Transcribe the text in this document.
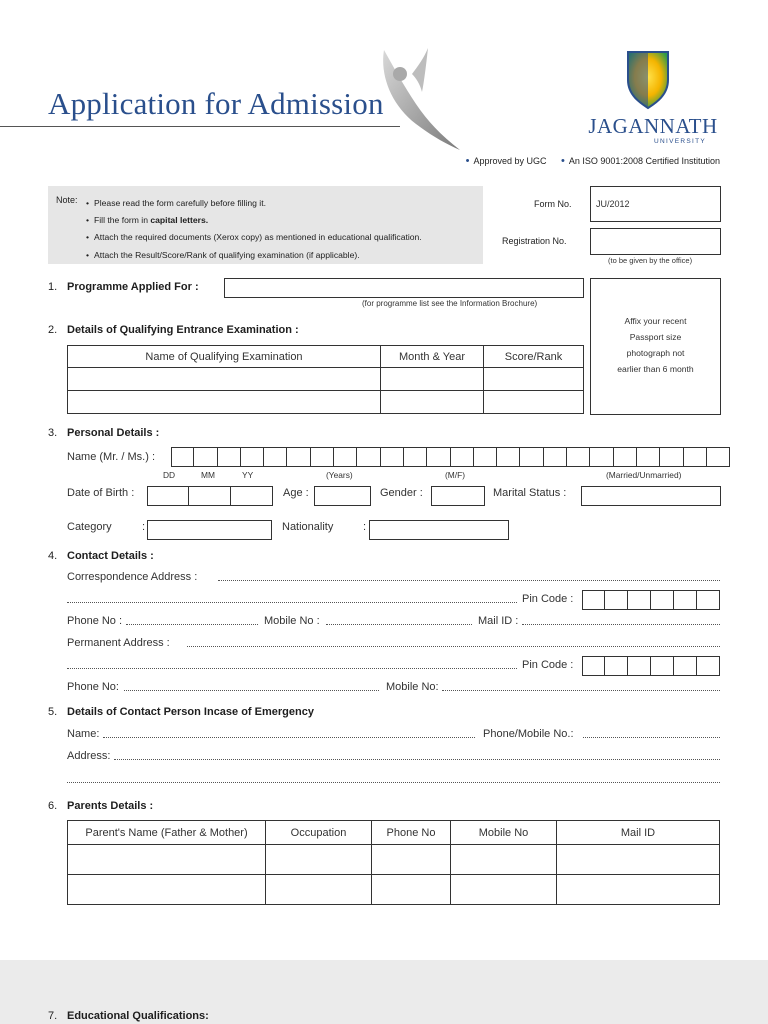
Application for Admission
JAGANNATH
UNIVERSITY
• Approved by UGC • An ISO 9001:2008 Certified Institution
Note: • Please read the form carefully before filling it.
• Fill the form in capital letters.
• Attach the required documents (Xerox copy) as mentioned in educational qualification.
• Attach the Result/Score/Rank of qualifying examination (if applicable).
Form No.	JU/2012
Registration No.
(to be given by the office)
Affix your recent
Passport size
photograph not
earlier than 6 month
1. Programme Applied For :
(for programme list see the Information Brochure)
2. Details of Qualifying Entrance Examination :
Name of Qualifying Examination	Month & Year	Score/Rank

3. Personal Details :
Name (Mr. / Ms.) :
DD	MM	YY	(Years)	(M/F)	(Married/Unmarried)
Date of Birth :	Age :	Gender :	Marital Status :
Category	:	Nationality	:
4. Contact Details :
Correspondence Address :
Pin Code :
Phone No :	Mobile No :	Mail ID :
Permanent Address :
Pin Code :
Phone No:	Mobile No:
5. Details of Contact Person Incase of Emergency
Name:	Phone/Mobile No.:
Address:
6. Parents Details :
Parent's Name (Father & Mother)	Occupation	Phone No	Mobile No	Mail ID

7. Educational Qualifications:
